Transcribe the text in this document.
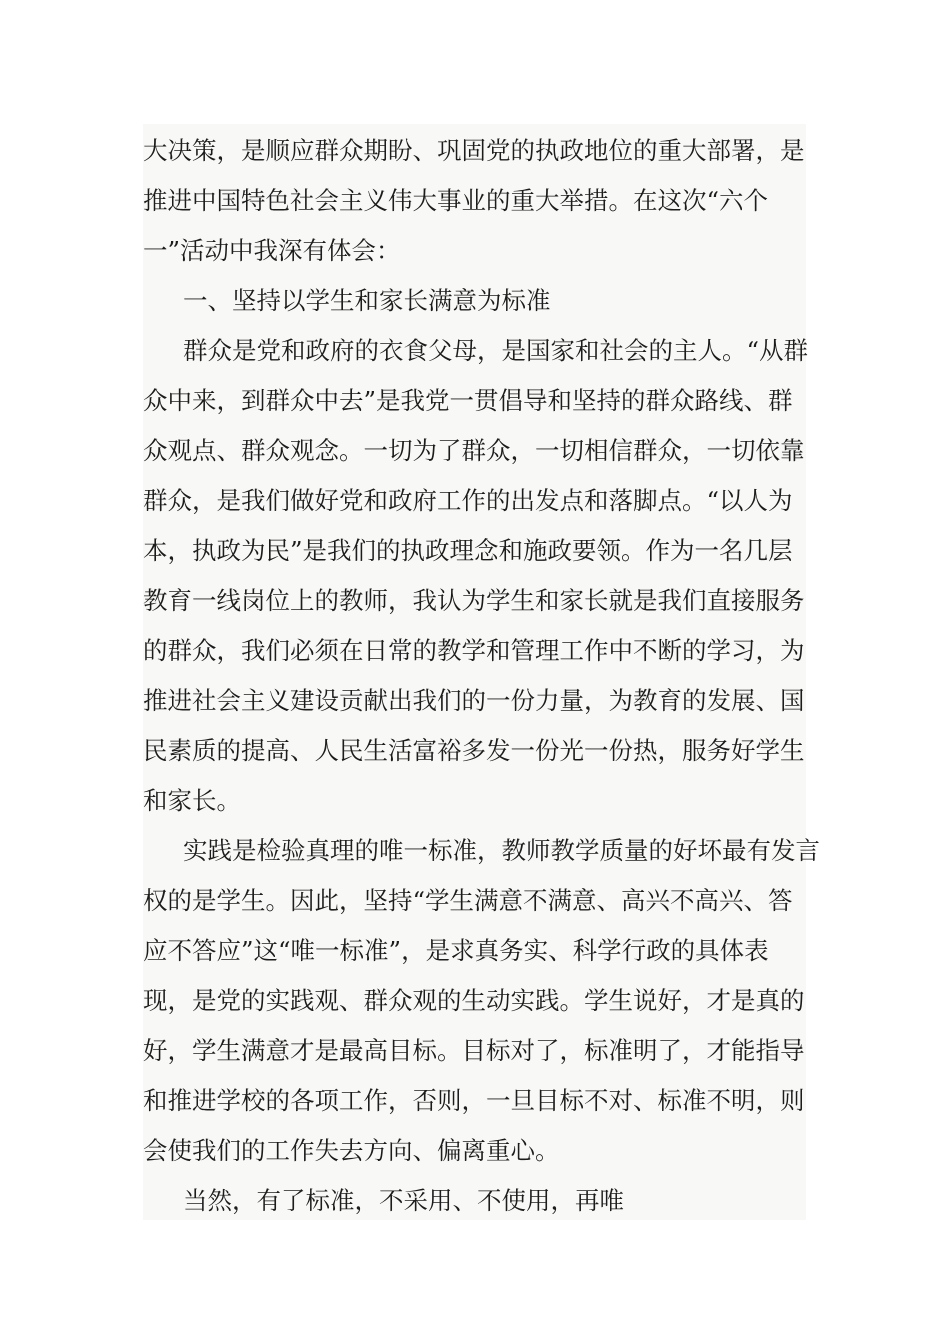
大决策，是顺应群众期盼、巩固党的执政地位的重大部署，是
推进中国特色社会主义伟大事业的重大举措。在这次“六个
一”活动中我深有体会：
一、坚持以学生和家长满意为标准
群众是党和政府的衣食父母，是国家和社会的主人。“从群
众中来，到群众中去”是我党一贯倡导和坚持的群众路线、群
众观点、群众观念。一切为了群众，一切相信群众，一切依靠
群众，是我们做好党和政府工作的出发点和落脚点。“以人为
本，执政为民”是我们的执政理念和施政要领。作为一名几层
教育一线岗位上的教师，我认为学生和家长就是我们直接服务
的群众，我们必须在日常的教学和管理工作中不断的学习，为
推进社会主义建设贡献出我们的一份力量，为教育的发展、国
民素质的提高、人民生活富裕多发一份光一份热，服务好学生
和家长。
实践是检验真理的唯一标准，教师教学质量的好坏最有发言
权的是学生。因此，坚持“学生满意不满意、高兴不高兴、答
应不答应”这“唯一标准”，是求真务实、科学行政的具体表
现，是党的实践观、群众观的生动实践。学生说好，才是真的
好，学生满意才是最高目标。目标对了，标准明了，才能指导
和推进学校的各项工作，否则，一旦目标不对、标准不明，则
会使我们的工作失去方向、偏离重心。
当然，有了标准，不采用、不使用，再唯
